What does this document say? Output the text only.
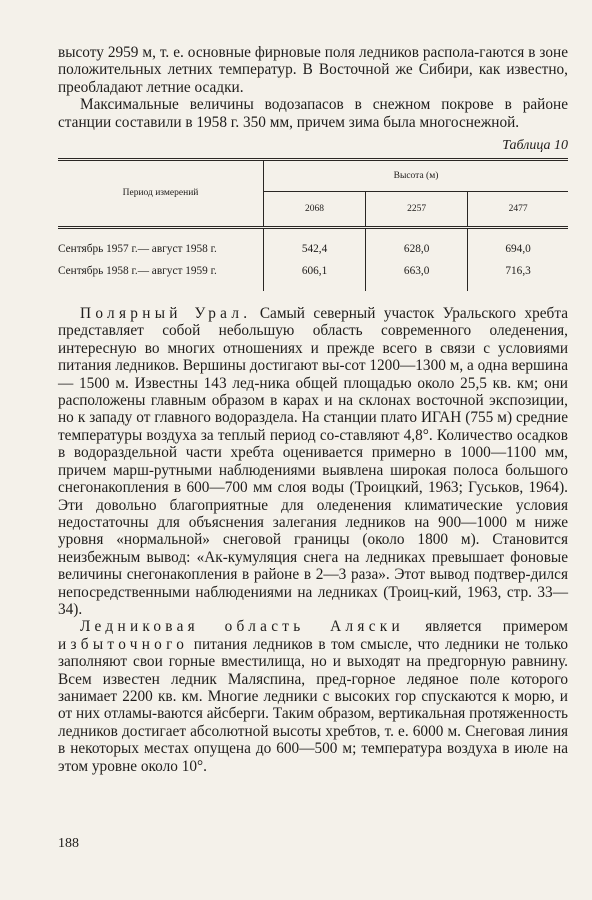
высоту 2959 м, т. е. основные фирновые поля ледников распола-гаются в зоне положительных летних температур. В Восточной же Сибири, как известно, преобладают летние осадки.

Максимальные величины водозапасов в снежном покрове в районе станции составили в 1958 г. 350 мм, причем зима была многоснежной.

Таблица 10
Период измерений	Высота (м)		
	2068	2257	2477
Сентябрь 1957 г.— август 1958 г.	542,4	628,0	694,0
Сентябрь 1958 г.— август 1959 г.	606,1	663,0	716,3

Полярный Урал. Самый северный участок Уральского хребта представляет собой небольшую область современного оледенения, интересную во многих отношениях и прежде всего в связи с условиями питания ледников. Вершины достигают вы-сот 1200—1300 м, а одна вершина — 1500 м. Известны 143 лед-ника общей площадью около 25,5 кв. км; они расположены главным образом в карах и на склонах восточной экспозиции, но к западу от главного водораздела. На станции плато ИГАН (755 м) средние температуры воздуха за теплый период со-ставляют 4,8°. Количество осадков в водораздельной части хребта оценивается примерно в 1000—1100 мм, причем марш-рутными наблюдениями выявлена широкая полоса большого снегонакопления в 600—700 мм слоя воды (Троицкий, 1963; Гуськов, 1964). Эти довольно благоприятные для оледенения климатические условия недостаточны для объяснения залегания ледников на 900—1000 м ниже уровня «нормальной» снеговой границы (около 1800 м). Становится неизбежным вывод: «Ак-кумуляция снега на ледниках превышает фоновые величины снегонакопления в районе в 2—3 раза». Этот вывод подтвер-дился непосредственными наблюдениями на ледниках (Троиц-кий, 1963, стр. 33—34).

Ледниковая область Аляски является примером избыточного питания ледников в том смысле, что ледники не только заполняют свои горные вместилища, но и выходят на предгорную равнину. Всем известен ледник Маляспина, пред-горное ледяное поле которого занимает 2200 кв. км. Многие ледники с высоких гор спускаются к морю, и от них отламы-ваются айсберги. Таким образом, вертикальная протяженность ледников достигает абсолютной высоты хребтов, т. е. 6000 м. Снеговая линия в некоторых местах опущена до 600—500 м; температура воздуха в июле на этом уровне около 10°.

188
